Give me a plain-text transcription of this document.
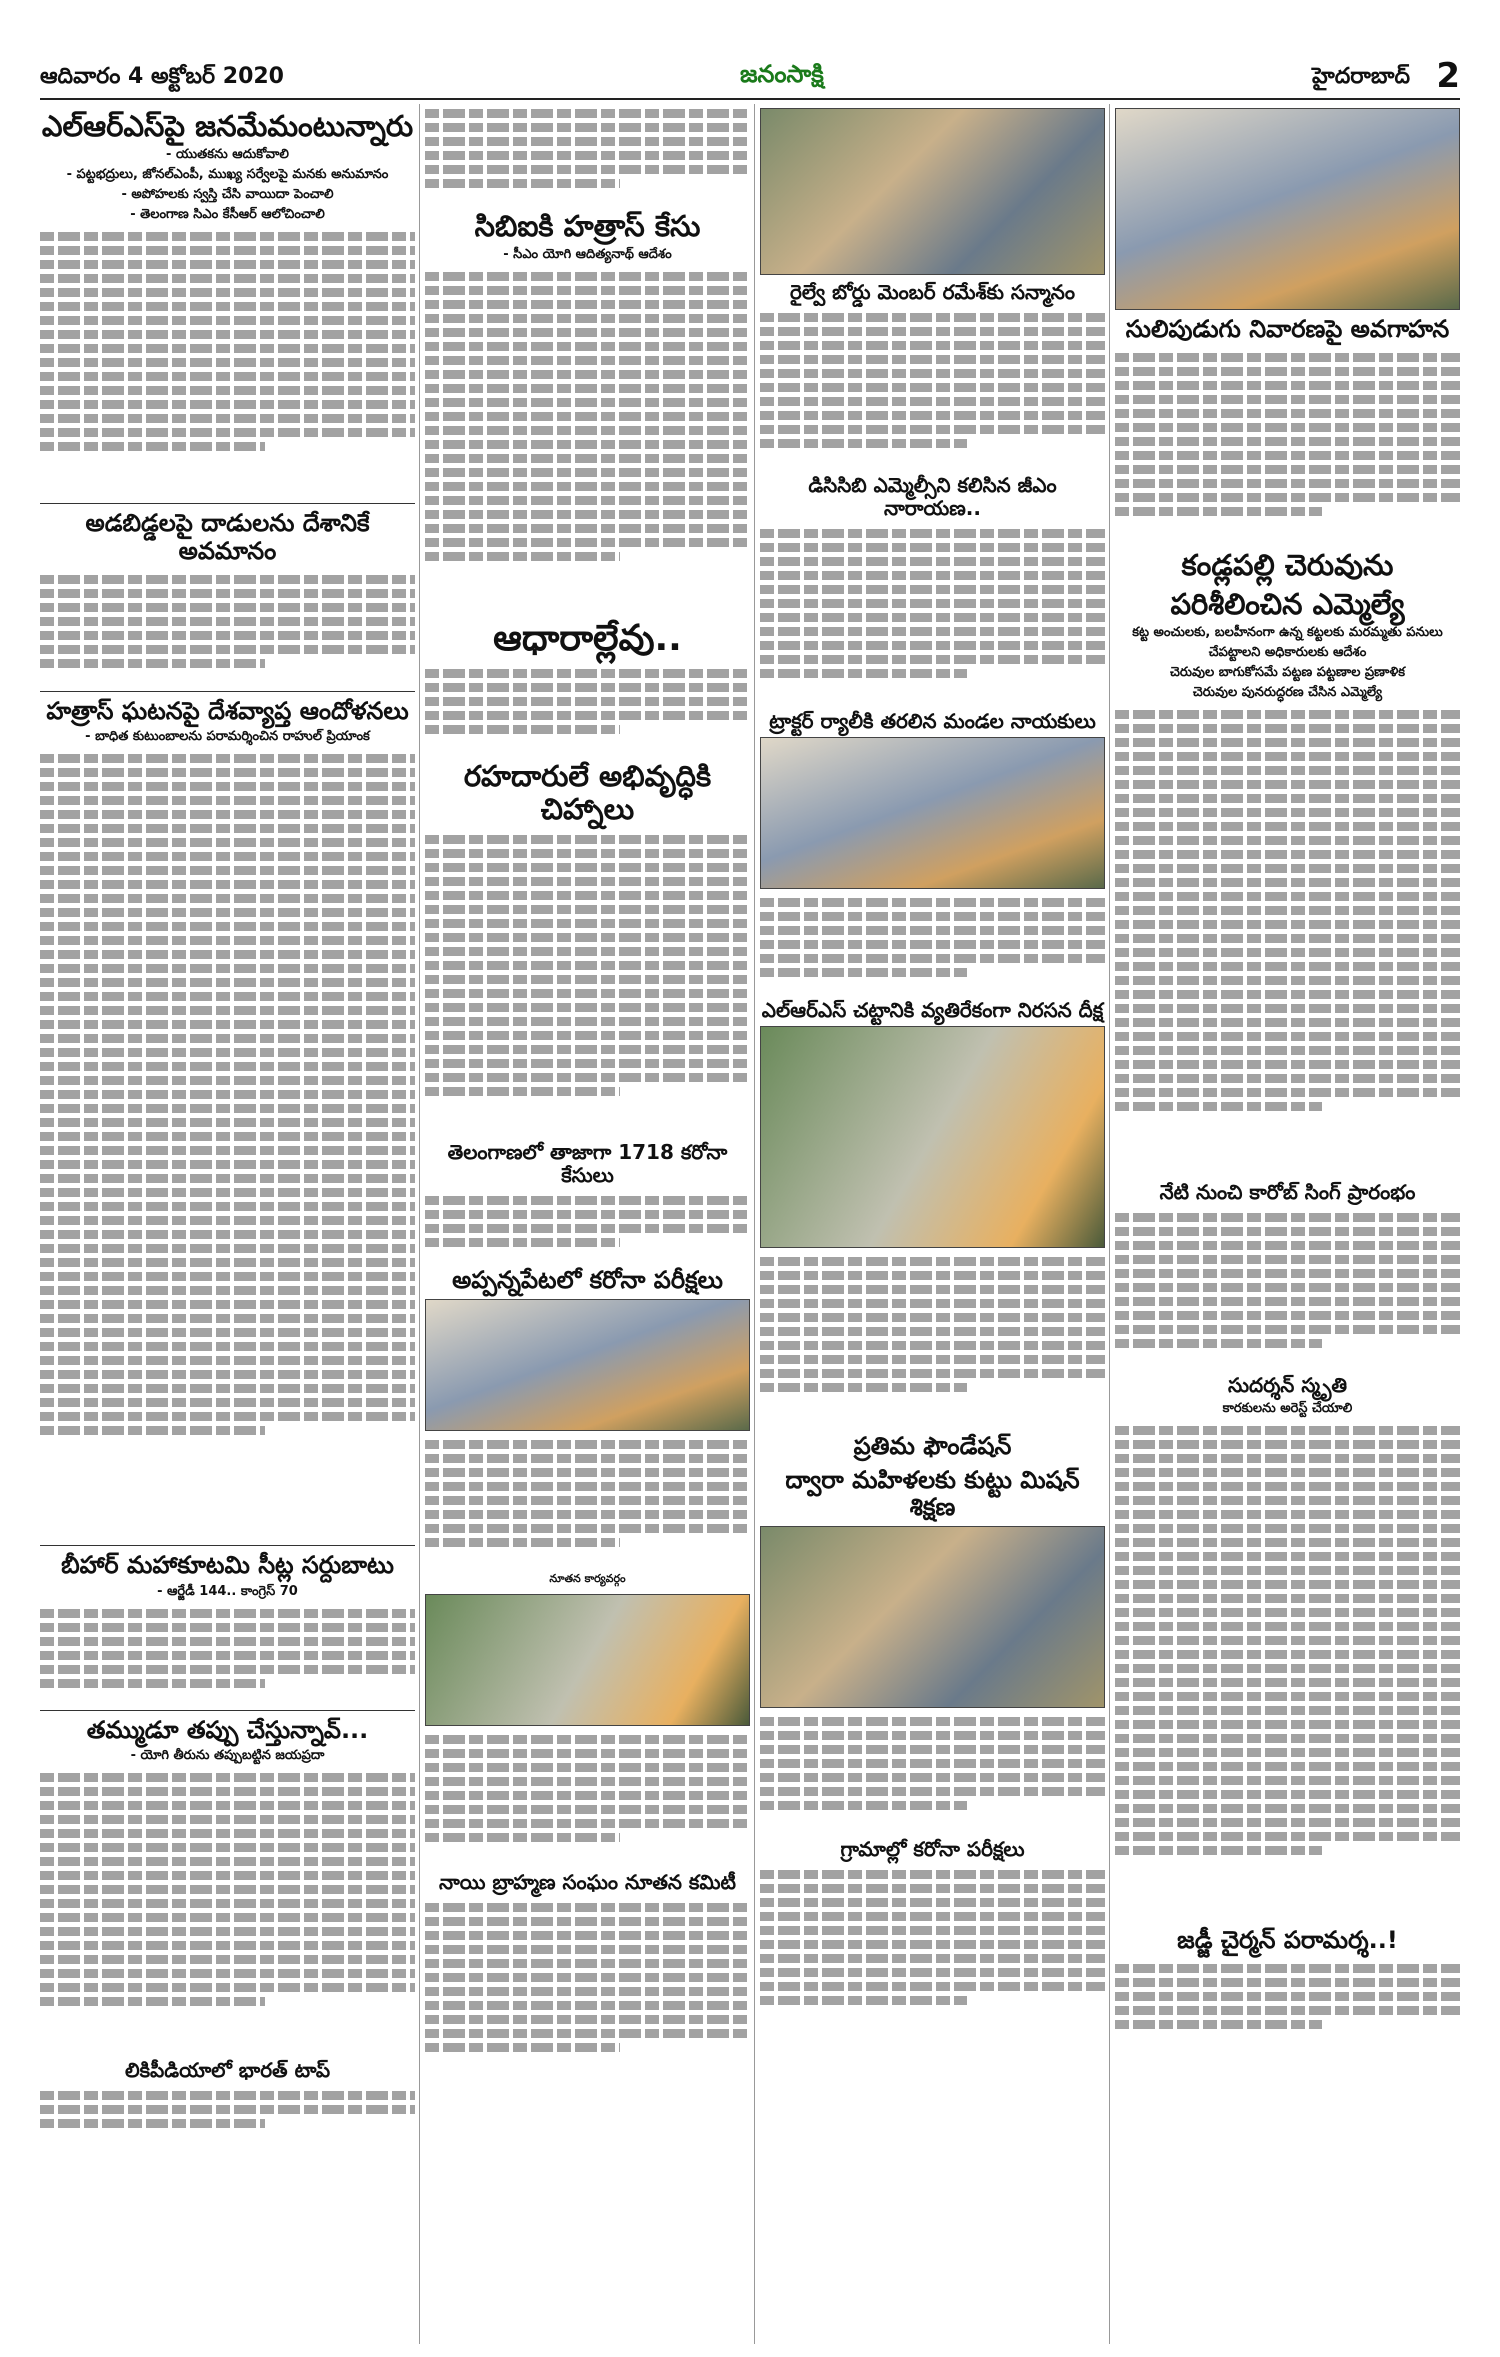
ఆదివారం 4 అక్టోబర్ 2020	జనంసాక్షి	హైదరాబాద్ 2
ఎల్ఆర్ఎస్‌పై జనమేమంటున్నారు
- యుతకను ఆదుకోవాలి
- పట్టభద్రులు, జోనల్‌ఎంపీ, ముఖ్య సర్వేలపై మనకు అనుమానం
- అపోహలకు స్వస్తి చేసి వాయిదా పెంచాలి
- తెలంగాణ సిఎం కేసీఆర్ ఆలోచించాలి
అడబిడ్డలపై దాడులను దేశానికే అవమానం
హత్రాస్ ఘటనపై దేశవ్యాప్త ఆందోళనలు
- బాధిత కుటుంబాలను పరామర్శించిన రాహుల్ ప్రియాంక
బీహార్ మహాకూటమి సీట్ల సర్దుబాటు
- ఆర్జేడీ 144.. కాంగ్రెస్ 70
తమ్ముడూ తప్పు చేస్తున్నావ్...
- యోగి తీరును తప్పుబట్టిన జయప్రదా
లికిపీడియాలో భారత్ టాప్
సిబిఐకి హత్రాస్ కేసు
- సీఎం యోగి ఆదిత్యనాథ్ ఆదేశం
ఆధారాల్లేవు..
రహదారులే అభివృద్ధికి చిహ్నాలు
తెలంగాణలో తాజాగా 1718 కరోనా కేసులు
అప్పన్నపేటలో కరోనా పరీక్షలు
నూతన కార్యవర్గం
నాయి బ్రాహ్మణ సంఘం నూతన కమిటీ
రైల్వే బోర్డు మెంబర్ రమేశ్‌కు సన్మానం
డిసిసిబి ఎమ్మెల్సీని కలిసిన జీఎం నారాయణ..
ట్రాక్టర్ ర్యాలీకి తరలిన మండల నాయకులు
ఎల్ఆర్ఎస్ చట్టానికి వ్యతిరేకంగా నిరసన దీక్ష
ప్రతిమ ఫౌండేషన్
ద్వారా మహిళలకు కుట్టు మిషన్ శిక్షణ
గ్రామాల్లో కరోనా పరీక్షలు
సులిపుడుగు నివారణపై అవగాహన
కండ్లపల్లి చెరువును
పరిశీలించిన ఎమ్మెల్యే
కట్ట అంచులకు, బలహీనంగా ఉన్న కట్టలకు మరమ్మతు పనులు
చేపట్టాలని అధికారులకు ఆదేశం
చెరువుల బాగుకోసమే పట్టణ పట్టణాల ప్రణాళిక
చెరువుల పునరుద్ధరణ చేసిన ఎమ్మెల్యే
నేటి నుంచి కారోబ్ సింగ్ ప్రారంభం
సుదర్శన్ స్మృతి
కారకులను అరెస్ట్ చేయాలి
జడ్జీ చైర్మన్ పరామర్శ..!
